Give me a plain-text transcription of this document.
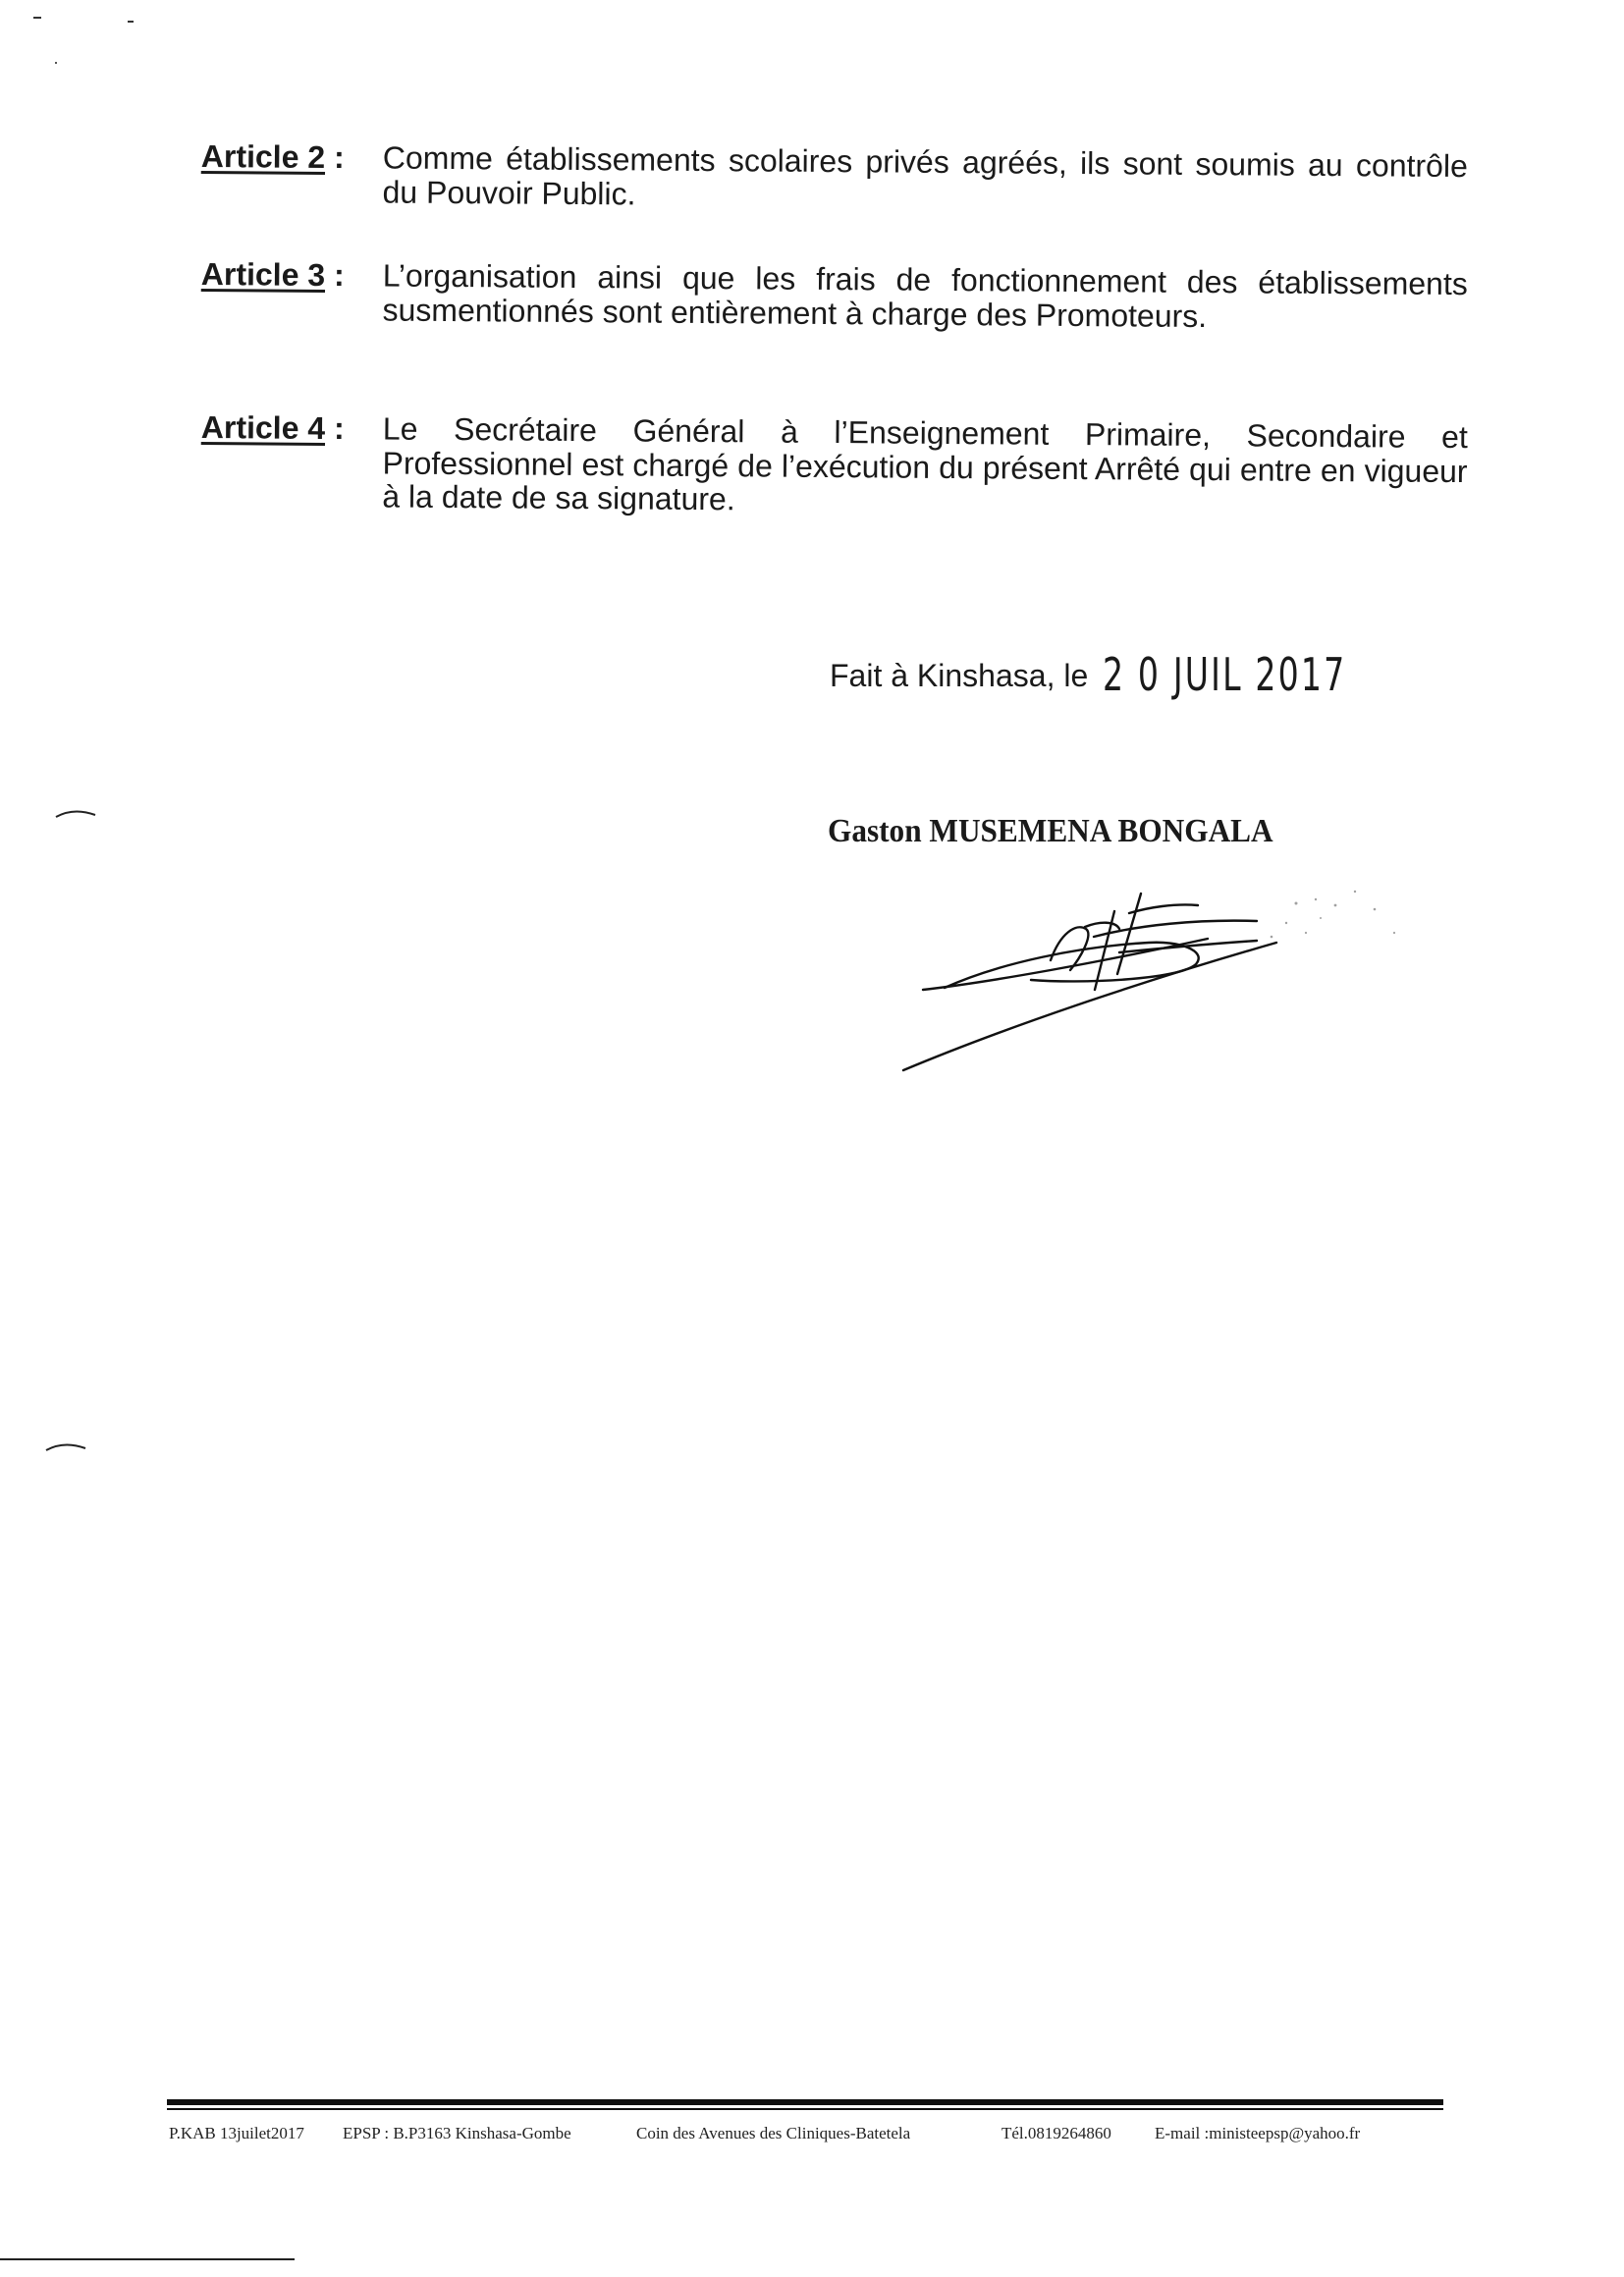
Article 2 :	Comme établissements scolaires privés agréés, ils sont soumis au contrôle du Pouvoir Public.
Article 3 :	L’organisation ainsi que les frais de fonctionnement des établissements susmentionnés sont entièrement à charge des Promoteurs.
Article 4 :	Le Secrétaire Général à l’Enseignement Primaire, Secondaire et Professionnel est chargé de l’exécution du présent Arrêté qui entre en vigueur à la date de sa signature.
Fait à Kinshasa, le 2 0 JUIL 2017
Gaston MUSEMENA BONGALA
P.KAB 13juilet2017 EPSP : B.P3163 Kinshasa-Gombe	Coin des Avenues des Cliniques-Batetela	Tél.0819264860	E-mail :ministeepsp@yahoo.fr
